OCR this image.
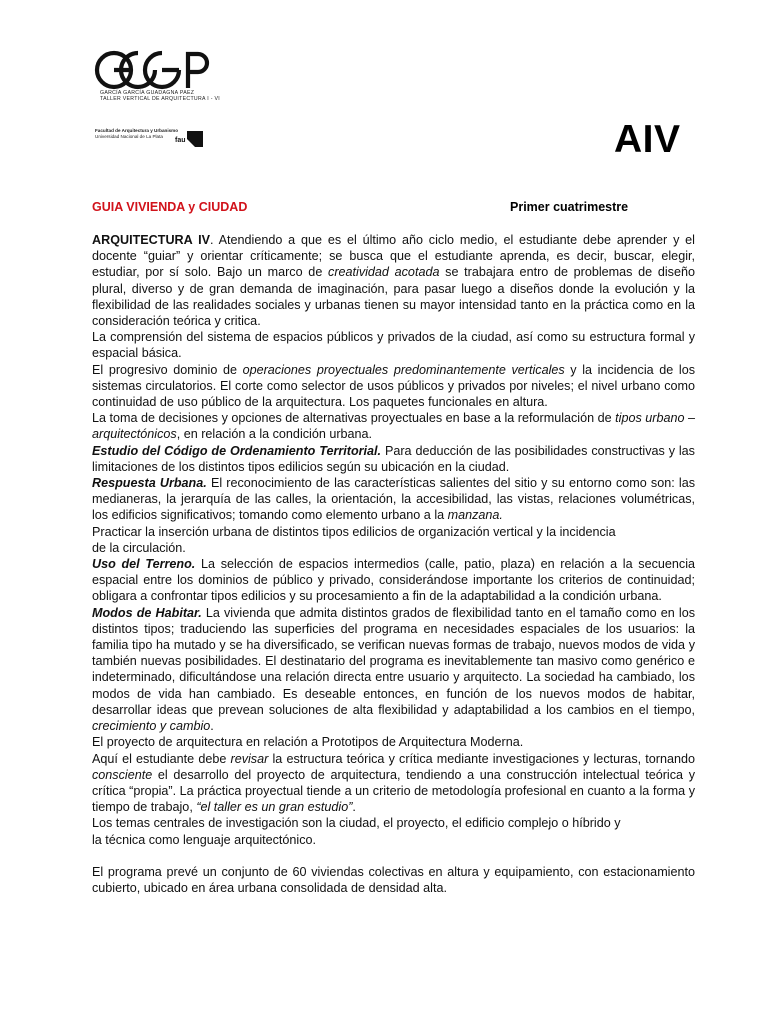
GARCÍA GARCÍA GUADAGNA PAEZ
TALLER VERTICAL DE ARQUITECTURA I - VI
Facultad de Arquitectura y Urbanismo
Universidad Nacional de La Plata
fau	AIV
GUIA VIVIENDA y CIUDAD	Primer cuatrimestre

ARQUITECTURA IV. Atendiendo a que es el último año ciclo medio, el estudiante debe aprender y el docente “guiar” y orientar críticamente; se busca que el estudiante aprenda, es decir, buscar, elegir, estudiar, por sí solo. Bajo un marco de creatividad acotada se trabajara entro de problemas de diseño plural, diverso y de gran demanda de imaginación, para pasar luego a diseños donde la evolución y la flexibilidad de las realidades sociales y urbanas tienen su mayor intensidad tanto en la práctica como en la consideración teórica y critica.

La comprensión del sistema de espacios públicos y privados de la ciudad, así como su estructura formal y espacial básica.

El progresivo dominio de operaciones proyectuales predominantemente verticales y la incidencia de los sistemas circulatorios. El corte como selector de usos públicos y privados por niveles; el nivel urbano como continuidad de uso público de la arquitectura. Los paquetes funcionales en altura.

La toma de decisiones y opciones de alternativas proyectuales en base a la reformulación de tipos urbano – arquitectónicos, en relación a la condición urbana.

Estudio del Código de Ordenamiento Territorial. Para deducción de las posibilidades constructivas y las limitaciones de los distintos tipos edilicios según su ubicación en la ciudad.

Respuesta Urbana. El reconocimiento de las características salientes del sitio y su entorno como son: las medianeras, la jerarquía de las calles, la orientación, la accesibilidad, las vistas, relaciones volumétricas, los edificios significativos; tomando como elemento urbano a la manzana.

Practicar la inserción urbana de distintos tipos edilicios de organización vertical y la incidencia
de la circulación.

Uso del Terreno. La selección de espacios intermedios (calle, patio, plaza) en relación a la secuencia espacial entre los dominios de público y privado, considerándose importante los criterios de continuidad; obligara a confrontar tipos edilicios y su procesamiento a fin de la adaptabilidad a la condición urbana.

Modos de Habitar. La vivienda que admita distintos grados de flexibilidad tanto en el tamaño como en los distintos tipos; traduciendo las superficies del programa en necesidades espaciales de los usuarios: la familia tipo ha mutado y se ha diversificado, se verifican nuevas formas de trabajo, nuevos modos de vida y también nuevas posibilidades. El destinatario del programa es inevitablemente tan masivo como genérico e indeterminado, dificultándose una relación directa entre usuario y arquitecto. La sociedad ha cambiado, los modos de vida han cambiado. Es deseable entonces, en función de los nuevos modos de habitar, desarrollar ideas que prevean soluciones de alta flexibilidad y adaptabilidad a los cambios en el tiempo, crecimiento y cambio.

El proyecto de arquitectura en relación a Prototipos de Arquitectura Moderna.

Aquí el estudiante debe revisar la estructura teórica y crítica mediante investigaciones y lecturas, tornando consciente el desarrollo del proyecto de arquitectura, tendiendo a una construcción intelectual teórica y crítica “propia”. La práctica proyectual tiende a un criterio de metodología profesional en cuanto a la forma y tiempo de trabajo, “el taller es un gran estudio”.

Los temas centrales de investigación son la ciudad, el proyecto, el edificio complejo o híbrido y
la técnica como lenguaje arquitectónico.

El programa prevé un conjunto de 60 viviendas colectivas en altura y equipamiento, con estacionamiento cubierto, ubicado en área urbana consolidada de densidad alta.
